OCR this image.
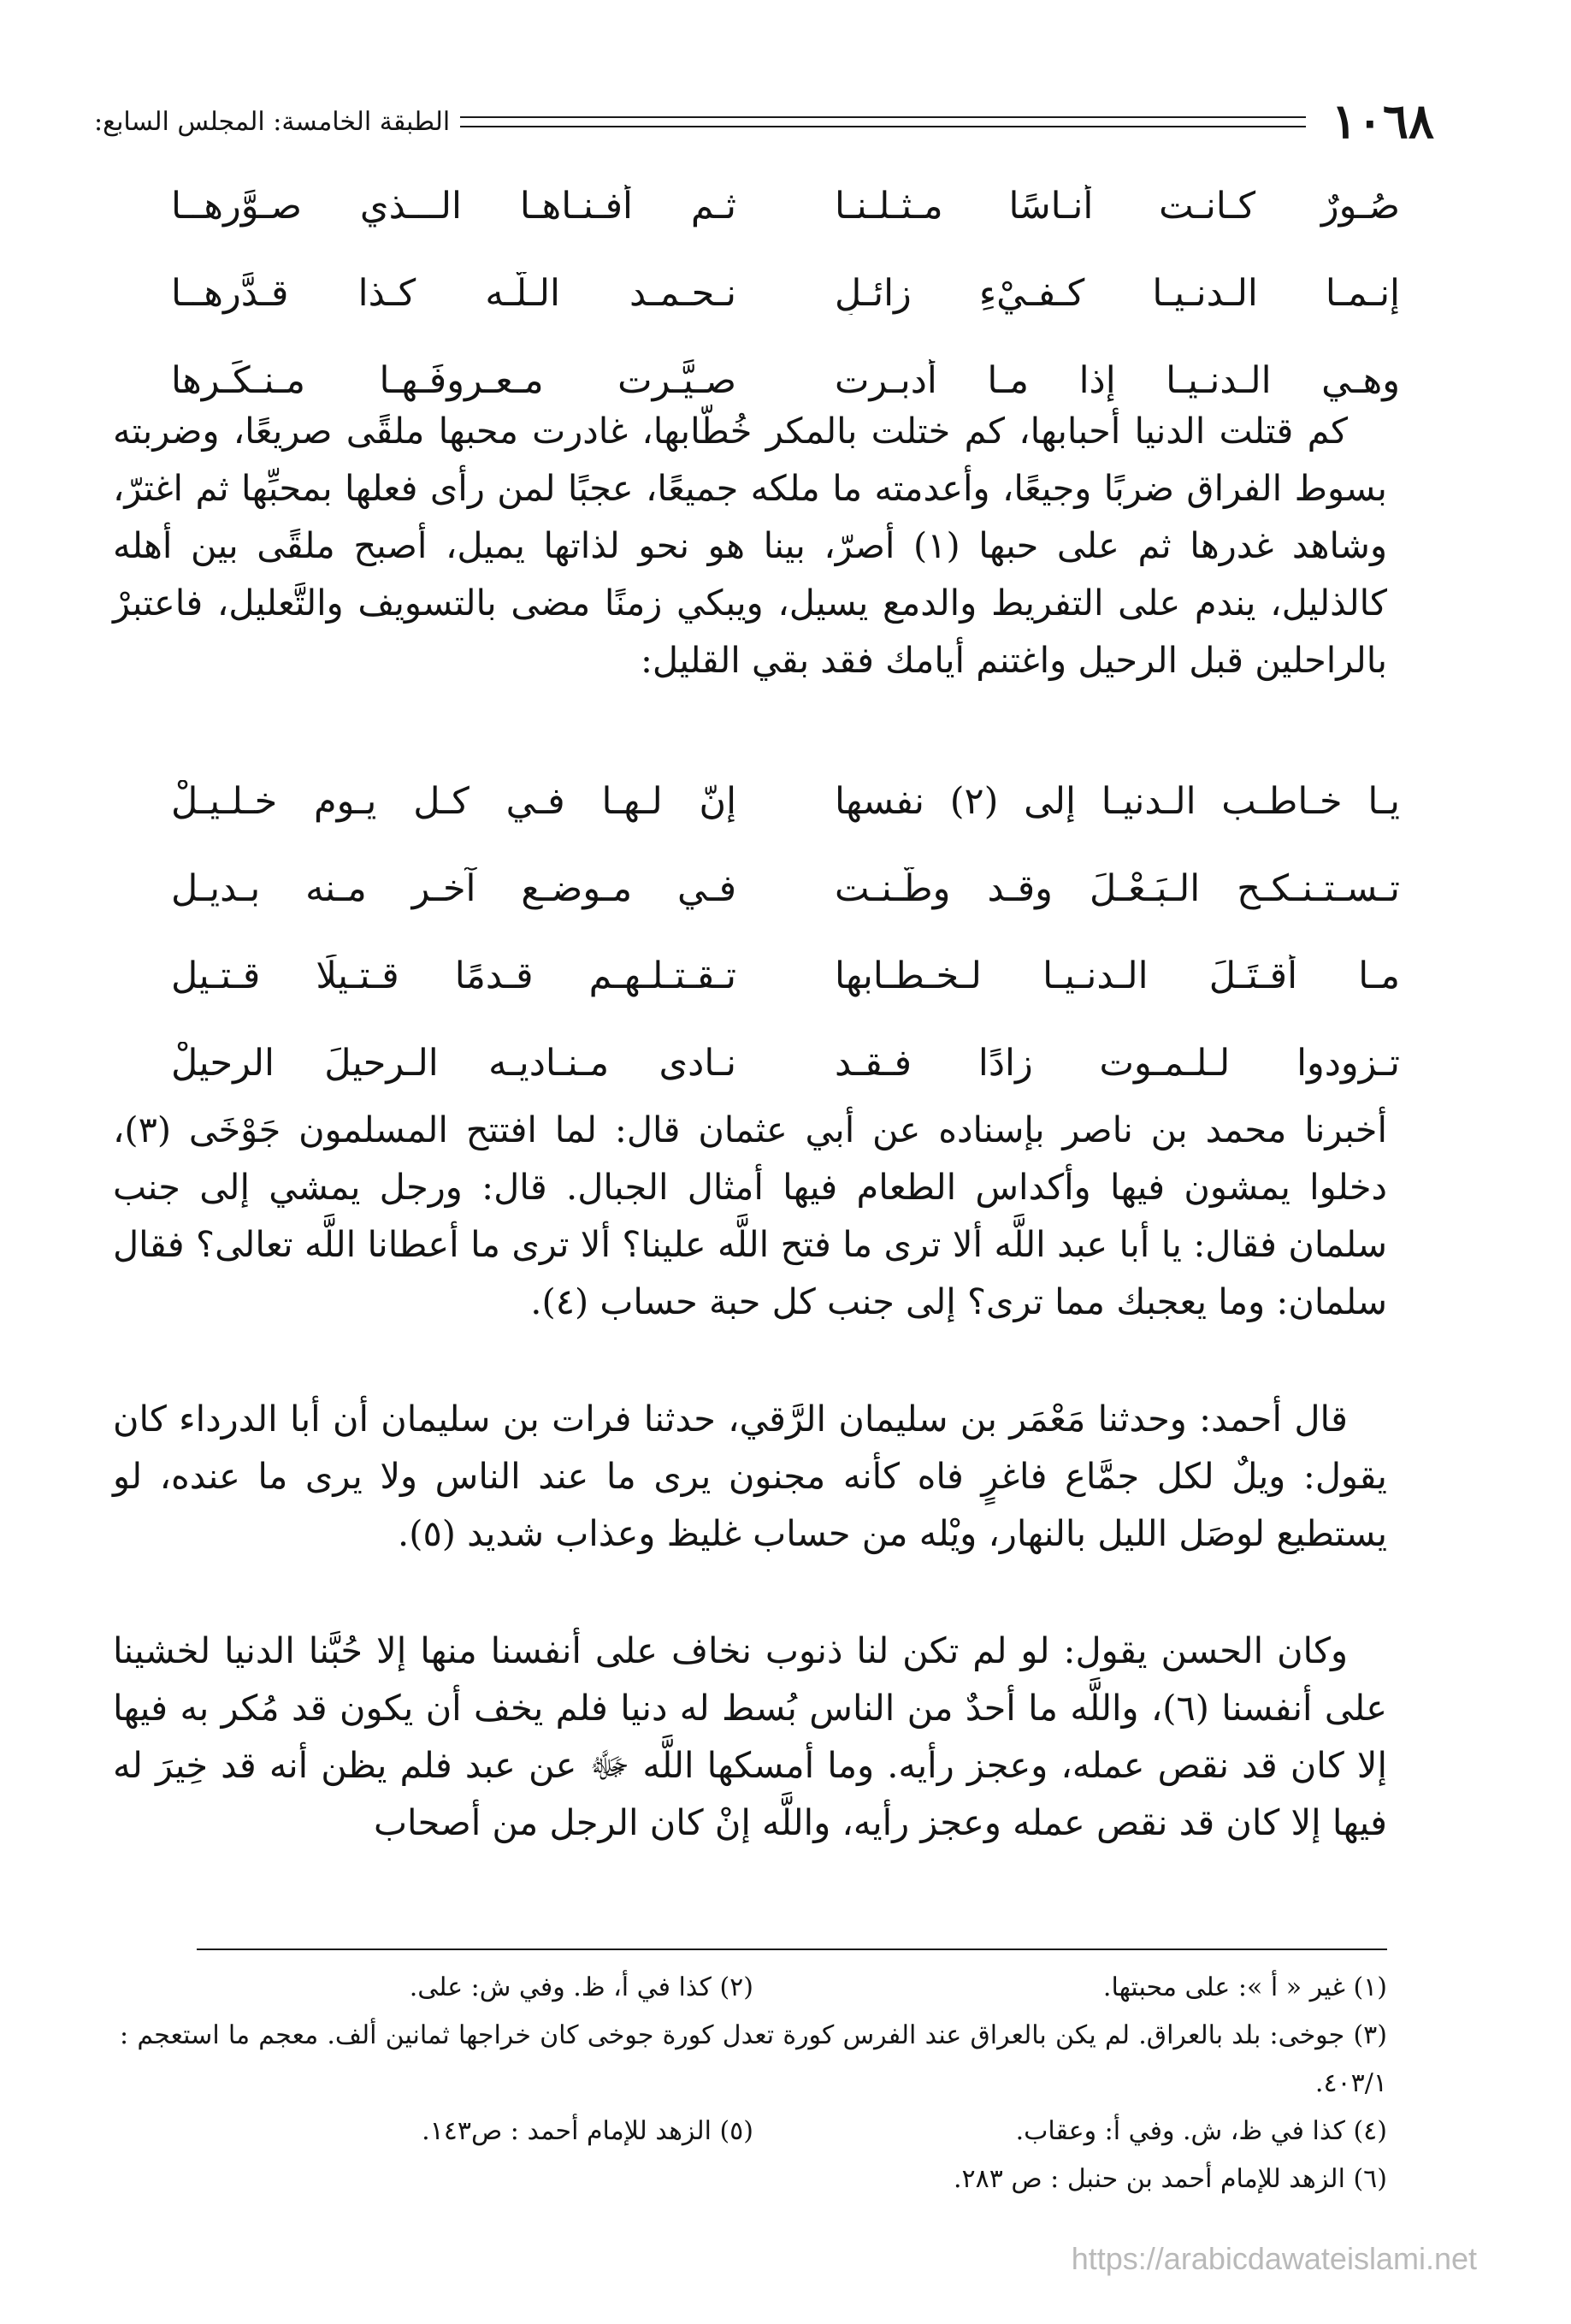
١٠٦٨
الطبقة الخامسة: المجلس السابع:
صُـورٌ كـانـت أنـاسًا مـثـلـنـا
ثـم أفـنـاهـا الـــذي صـوَّرهــا
إنـمـا الـدنـيـا كـفـيْءِ زائـلٍ
نـحـمـد الـلَّـه كـذا قـدَّرهــا
وهـي الـدنـيـا إذا مـا أدبـرت
صـيَّـرت مـعـروفَـهـا مـنـكَـرها

كم قتلت الدنيا أحبابها، كم ختلت بالمكر خُطّابها، غادرت محبها ملقًى صريعًا، وضربته بسوط الفراق ضربًا وجيعًا، وأعدمته ما ملكه جميعًا، عجبًا لمن رأى فعلها بمحبِّها ثم اغترّ، وشاهد غدرها ثم على حبها (١) أصرّ، بينا هو نحو لذاتها يميل، أصبح ملقًى بين أهله كالذليل، يندم على التفريط والدمع يسيل، ويبكي زمنًا مضى بالتسويف والتَّعليل، فاعتبرْ بالراحلين قبل الرحيل واغتنم أيامك فقد بقي القليل:

يـا خـاطـب الـدنيـا إلى (٢) نفسها
إنّ لـهـا فـي كـل يـوم خـلـيـلْ
تـسـتـنـكـح الـبَـعْـلَ وقـد وطَّـنـت
فـي مـوضـعٍ آخـر مـنه بـديـل
مـا أقـتَـلَ الـدنـيـا لـخـطـابها
تـقـتـلـهـم قـدمًا قـتـيلًا قـتـيل
تـزودوا لـلـمـوت زادًا فـقـد
نـادى مـنـاديـه الـرحيلَ الرحيلْ

أخبرنا محمد بن ناصر بإسناده عن أبي عثمان قال: لما افتتح المسلمون جَوْخَى (٣)، دخلوا يمشون فيها وأكداس الطعام فيها أمثال الجبال. قال: ورجل يمشي إلى جنب سلمان فقال: يا أبا عبد اللَّه ألا ترى ما فتح اللَّه علينا؟ ألا ترى ما أعطانا اللَّه تعالى؟ فقال سلمان: وما يعجبك مما ترى؟ إلى جنب كل حبة حساب (٤).

قال أحمد: وحدثنا مَعْمَر بن سليمان الرَّقي، حدثنا فرات بن سليمان أن أبا الدرداء كان يقول: ويلٌ لكل جمَّاع فاغرٍ فاه كأنه مجنون يرى ما عند الناس ولا يرى ما عنده، لو يستطيع لوصَل الليل بالنهار، ويْله من حساب غليظ وعذاب شديد (٥).

وكان الحسن يقول: لو لم تكن لنا ذنوب نخاف على أنفسنا منها إلا حُبَّنا الدنيا لخشينا على أنفسنا (٦)، واللَّه ما أحدٌ من الناس بُسط له دنيا فلم يخف أن يكون قد مُكر به فيها إلا كان قد نقص عمله، وعجز رأيه. وما أمسكها اللَّه ﷻ عن عبد فلم يظن أنه قد خِيرَ له فيها إلا كان قد نقص عمله وعجز رأيه، واللَّه إنْ كان الرجل من أصحاب

(١) غير « أ »: على محبتها.
(٢) كذا في أ، ظ. وفي ش: على.
(٣) جوخى: بلد بالعراق. لم يكن بالعراق عند الفرس كورة تعدل كورة جوخى كان خراجها ثمانين ألف. معجم ما استعجم : ٤٠٣/١.
(٤) كذا في ظ، ش. وفي أ: وعقاب.
(٥) الزهد للإمام أحمد : ص١٤٣.
(٦) الزهد للإمام أحمد بن حنبل : ص ٢٨٣.
https://arabicdawateislami.net
